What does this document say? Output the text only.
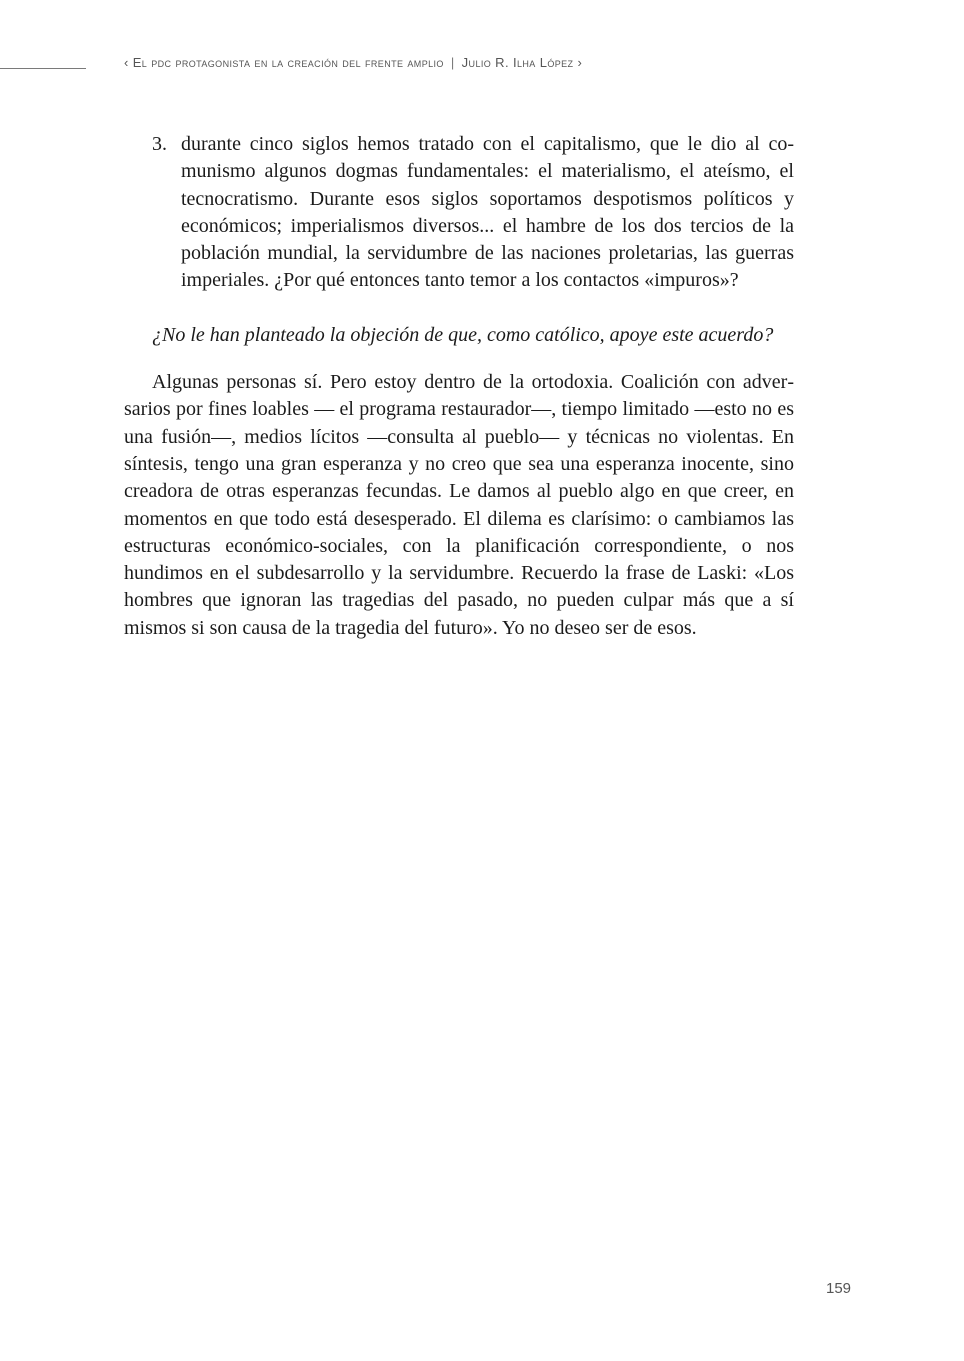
‹ El pdc protagonista en la creación del frente amplio | Julio R. Ilha López ›

3. durante cinco siglos hemos tratado con el capitalismo, que le dio al comunismo algunos dogmas fundamentales: el materialismo, el ateísmo, el tecnocratismo. Durante esos siglos soportamos despotismos políticos y económicos; imperialismos diversos... el hambre de los dos tercios de la población mundial, la servidumbre de las naciones proletarias, las guerras imperiales. ¿Por qué entonces tanto temor a los contactos «impuros»?

¿No le han planteado la objeción de que, como católico, apoye este acuerdo?

Algunas personas sí. Pero estoy dentro de la ortodoxia. Coalición con adversarios por fines loables — el programa restaurador—, tiempo limitado —esto no es una fusión—, medios lícitos —consulta al pueblo— y técnicas no violentas. En síntesis, tengo una gran esperanza y no creo que sea una esperanza inocente, sino creadora de otras esperanzas fecundas. Le damos al pueblo algo en que creer, en momentos en que todo está desesperado. El dilema es clarísimo: o cambiamos las estructuras económico-sociales, con la planificación correspondiente, o nos hundimos en el subdesarrollo y la servidumbre. Recuerdo la frase de Laski: «Los hombres que ignoran las tragedias del pasado, no pueden culpar más que a sí mismos si son causa de la tragedia del futuro». Yo no deseo ser de esos.

159
